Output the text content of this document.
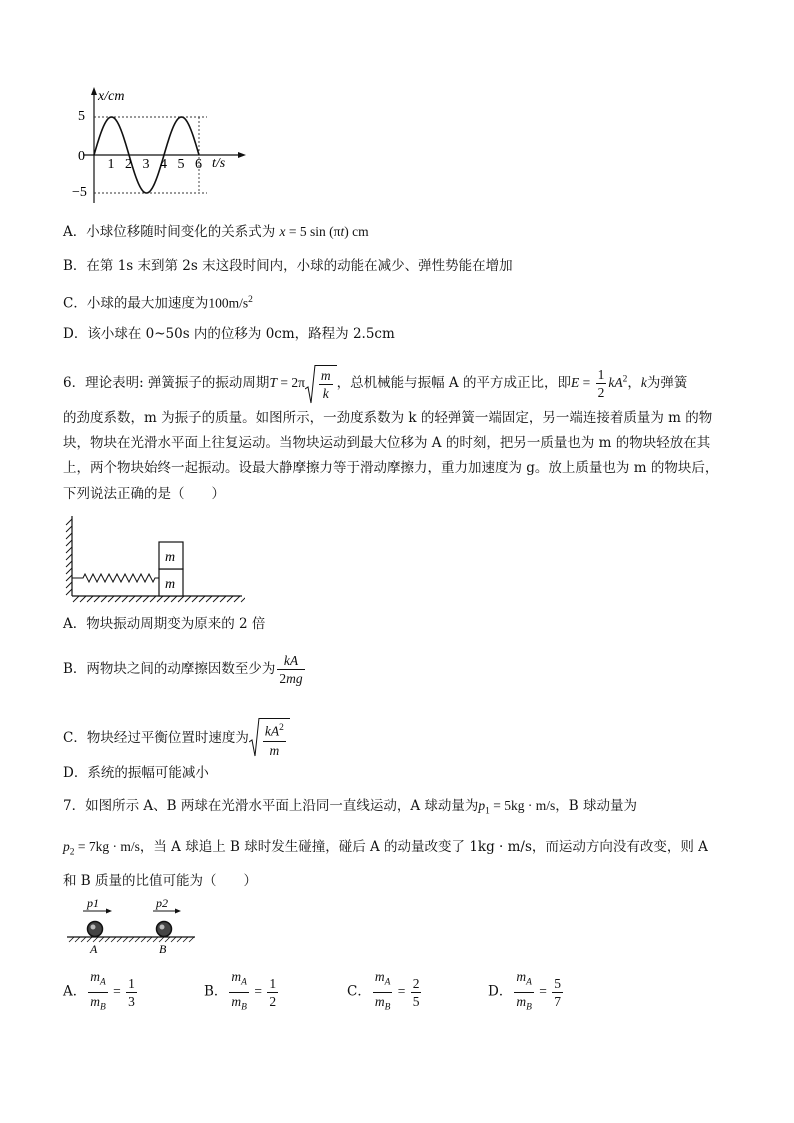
x/cm
t/s
5
0
−5
1 2 3 4 5 6
A．小球位移随时间变化的关系式为 x = 5 sin (πt) cm
B．在第 1s 末到第 2s 末这段时间内，小球的动能在减少、弹性势能在增加
C．小球的最大加速度为$100m/s^2$
D．该小球在 0~50s 内的位移为 0cm，路程为 2.5cm
6．理论表明: 弹簧振子的振动周期$T = 2\pi \frac{m}{k}$ ，总机械能与振幅 A 的平方成正比，即$E = \frac{1}{2} kA^2$，k为弹簧
的劲度系数，m 为振子的质量。如图所示，一劲度系数为 k 的轻弹簧一端固定，另一端连接着质量为 m 的物
块，物块在光滑水平面上往复运动。当物块运动到最大位移为 A 的时刻，把另一质量也为 m 的物块轻放在其
上，两个物块始终一起振动。设最大静摩擦力等于滑动摩擦力，重力加速度为 g。放上质量也为 m 的物块后，
下列说法正确的是（　　）
m
m
A．物块振动周期变为原来的 2 倍
B．两物块之间的动摩擦因数至少为 $\frac{kA}{2mg}$
C．物块经过平衡位置时速度为 $\frac{kA^2}{m}$
D．系统的振幅可能减小
7．如图所示 A、B 两球在光滑水平面上沿同一直线运动，A 球动量为$p_1 = 5kg \cdot m/s$，B 球动量为
$p_2 = 7kg \cdot m/s$，当 A 球追上 B 球时发生碰撞，碰后 A 的动量改变了 1kg · m/s，而运动方向没有改变，则 A
和 B 质量的比值可能为（　　）
p1	p2
A	B
A． $\frac{m_A}{m_B} = \frac{1}{3}$	B． $\frac{m_A}{m_B} = \frac{1}{2}$	C． $\frac{m_A}{m_B} = \frac{2}{5}$	D． $\frac{m_A}{m_B} = \frac{5}{7}$
